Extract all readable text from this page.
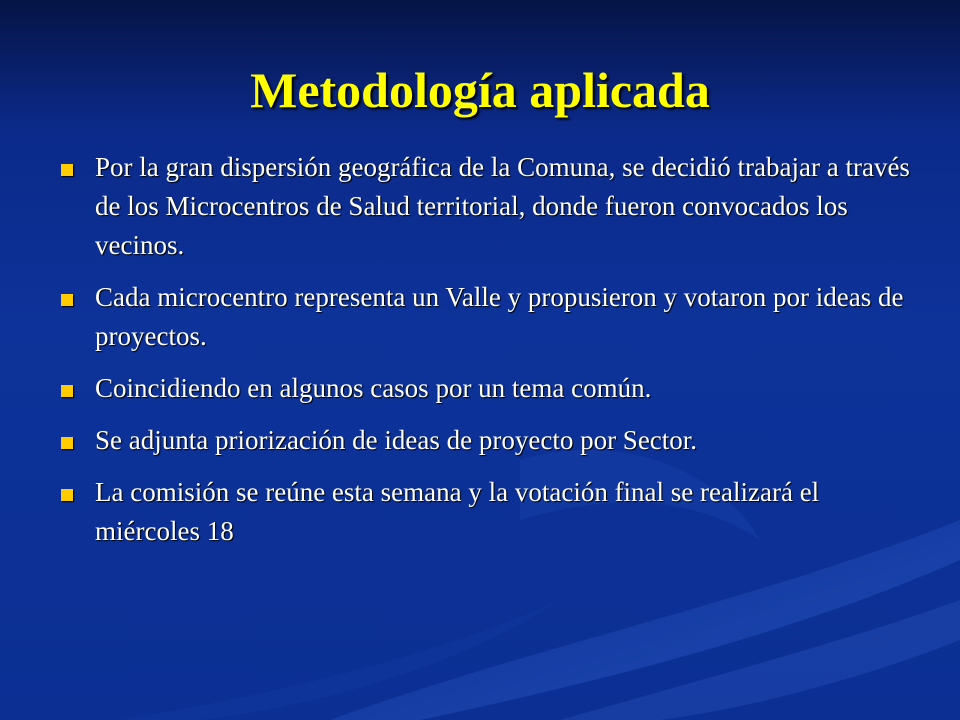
Metodología aplicada
Por la gran dispersión geográfica de la Comuna, se decidió trabajar a través de los Microcentros de Salud territorial, donde fueron convocados los vecinos.
Cada microcentro representa un Valle y propusieron y votaron por ideas de proyectos.
Coincidiendo en algunos casos por un tema común.
Se adjunta priorización de ideas de proyecto por Sector.
La comisión se reúne esta semana y la votación final se realizará el miércoles 18
